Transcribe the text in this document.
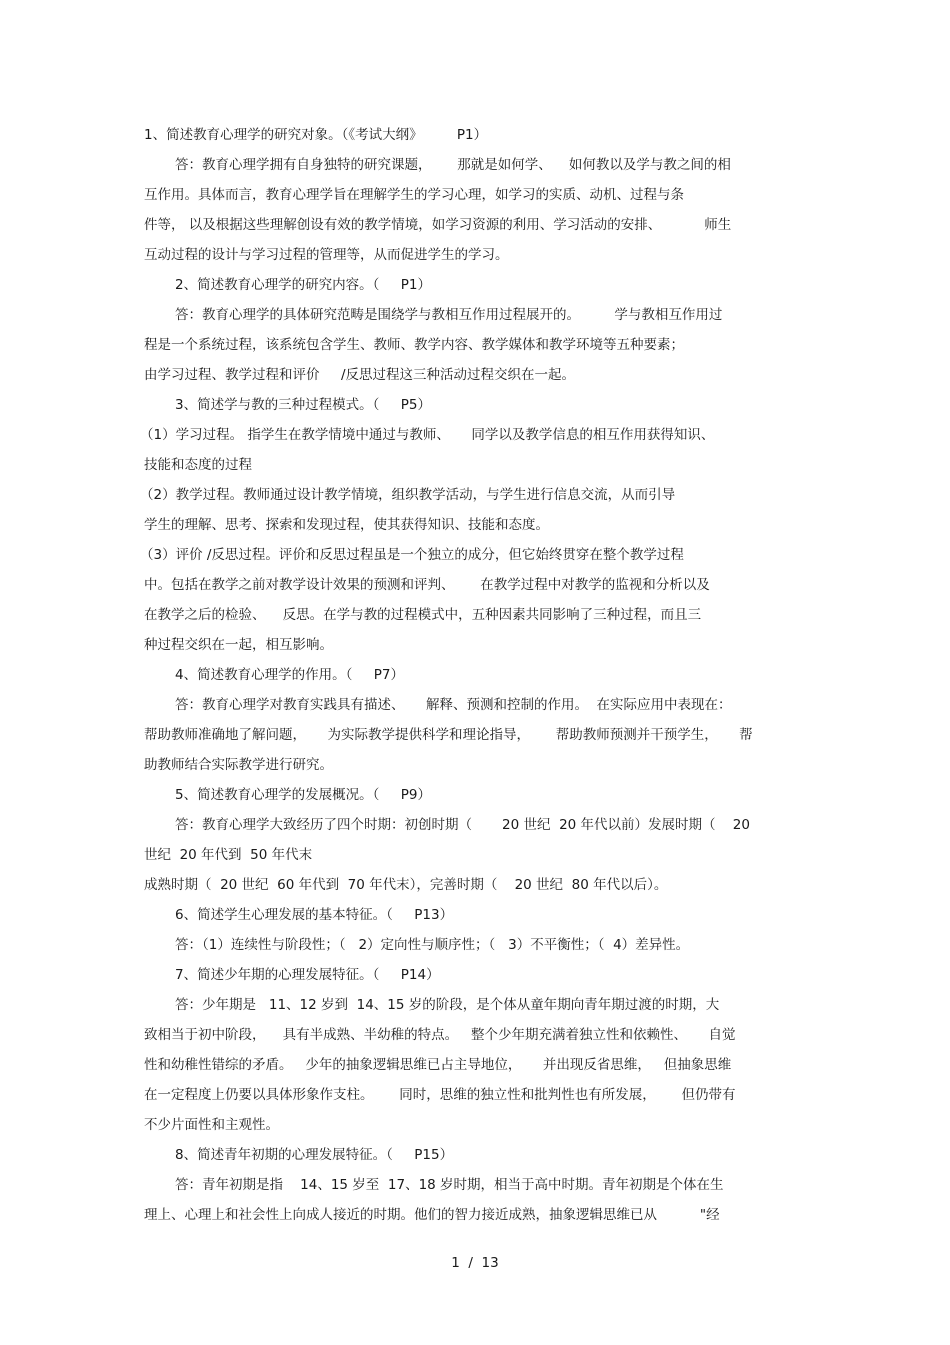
1、简述教育心理学的研究对象。（《考试大纲》        P1）
答：教育心理学拥有自身独特的研究课题，      那就是如何学、    如何教以及学与教之间的相
互作用。具体而言，教育心理学旨在理解学生的学习心理，如学习的实质、动机、过程与条
件等， 以及根据这些理解创设有效的教学情境，如学习资源的利用、学习活动的安排、          师生
互动过程的设计与学习过程的管理等，从而促进学生的学习。
2、简述教育心理学的研究内容。（     P1）
答：教育心理学的具体研究范畴是围绕学与教相互作用过程展开的。        学与教相互作用过
程是一个系统过程，该系统包含学生、教师、教学内容、教学媒体和教学环境等五种要素；
由学习过程、教学过程和评价     /反思过程这三种活动过程交织在一起。
3、简述学与教的三种过程模式。（     P5）
（1）学习过程。 指学生在教学情境中通过与教师、     同学以及教学信息的相互作用获得知识、
技能和态度的过程
（2）教学过程。教师通过设计教学情境，组织教学活动，与学生进行信息交流，从而引导
学生的理解、思考、探索和发现过程，使其获得知识、技能和态度。
（3）评价 /反思过程。评价和反思过程虽是一个独立的成分，但它始终贯穿在整个教学过程
中。包括在教学之前对教学设计效果的预测和评判、      在教学过程中对教学的监视和分析以及
在教学之后的检验、    反思。在学与教的过程模式中，五种因素共同影响了三种过程，而且三
种过程交织在一起，相互影响。
4、简述教育心理学的作用。（     P7）
答：教育心理学对教育实践具有描述、     解释、预测和控制的作用。  在实际应用中表现在：
帮助教师准确地了解问题，     为实际教学提供科学和理论指导，      帮助教师预测并干预学生，     帮
助教师结合实际教学进行研究。
5、简述教育心理学的发展概况。（     P9）
答：教育心理学大致经历了四个时期：初创时期（       20 世纪  20 年代以前）发展时期（    20
世纪  20 年代到  50 年代末
成熟时期（  20 世纪  60 年代到  70 年代末），完善时期（    20 世纪  80 年代以后）。
6、简述学生心理发展的基本特征。（     P13）
答：（1）连续性与阶段性；（   2）定向性与顺序性；（   3）不平衡性；（  4）差异性。
7、简述少年期的心理发展特征。（     P14）
答：少年期是   11、12 岁到  14、15 岁的阶段，是个体从童年期向青年期过渡的时期，大
致相当于初中阶段，    具有半成熟、半幼稚的特点。   整个少年期充满着独立性和依赖性、     自觉
性和幼稚性错综的矛盾。   少年的抽象逻辑思维已占主导地位，     并出现反省思维，   但抽象思维
在一定程度上仍要以具体形象作支柱。      同时，思维的独立性和批判性也有所发展，      但仍带有
不少片面性和主观性。
8、简述青年初期的心理发展特征。（     P15）
答：青年初期是指    14、15 岁至  17、18 岁时期，相当于高中时期。青年初期是个体在生
理上、心理上和社会性上向成人接近的时期。他们的智力接近成熟，抽象逻辑思维已从          "经
1  /  13
